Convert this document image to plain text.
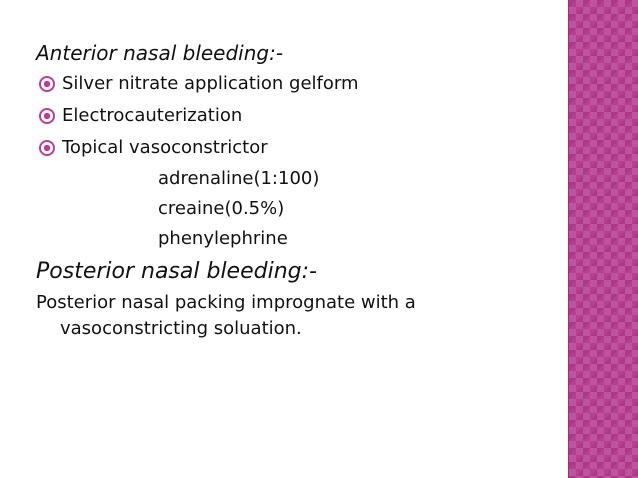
Anterior nasal bleeding:-
Silver nitrate application gelform
Electrocauterization
Topical vasoconstrictor
adrenaline(1:100)
creaine(0.5%)
phenylephrine
Posterior nasal bleeding:-

Posterior nasal packing imprognate with a vasoconstricting soluation.
